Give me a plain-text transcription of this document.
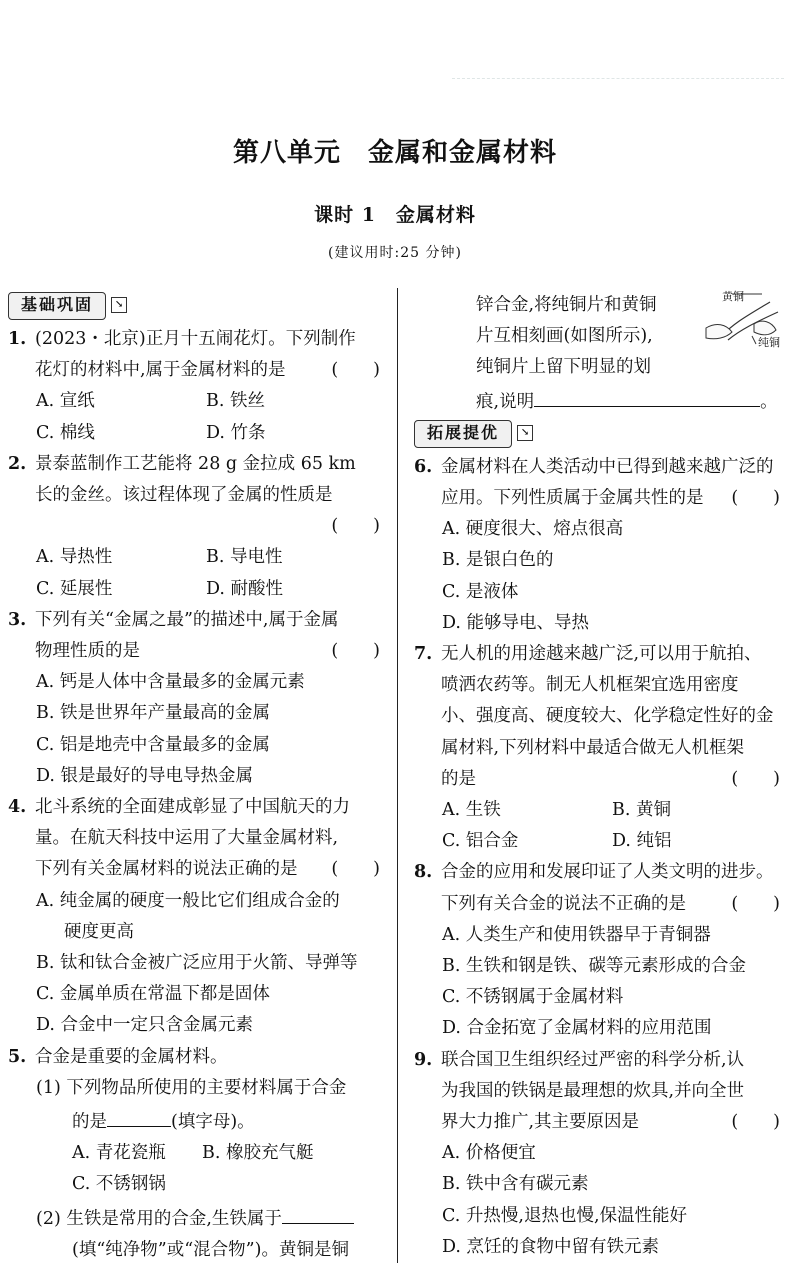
第八单元　金属和金属材料
课时 1　金属材料
(建议用时:25 分钟)
基础巩固	↘
1. (2023・北京)正月十五闹花灯。下列制作
花灯的材料中,属于金属材料的是	(　　)
A. 宣纸	B. 铁丝
C. 棉线	D. 竹条
2. 景泰蓝制作工艺能将 28 g 金拉成 65 km
长的金丝。该过程体现了金属的性质是
(　　)
A. 导热性	B. 导电性
C. 延展性	D. 耐酸性
3. 下列有关“金属之最”的描述中,属于金属
物理性质的是	(　　)
A. 钙是人体中含量最多的金属元素
B. 铁是世界年产量最高的金属
C. 铝是地壳中含量最多的金属
D. 银是最好的导电导热金属
4. 北斗系统的全面建成彰显了中国航天的力
量。在航天科技中运用了大量金属材料,
下列有关金属材料的说法正确的是 (　　)
A. 纯金属的硬度一般比它们组成合金的
硬度更高
B. 钛和钛合金被广泛应用于火箭、导弹等
C. 金属单质在常温下都是固体
D. 合金中一定只含金属元素
5. 合金是重要的金属材料。
(1) 下列物品所使用的主要材料属于合金
的是	(填字母)。
A. 青花瓷瓶	B. 橡胶充气艇
C. 不锈钢锅
(2) 生铁是常用的合金,生铁属于
(填“纯净物”或“混合物”)。黄铜是铜
锌合金,将纯铜片和黄铜
片互相刻画(如图所示),
纯铜片上留下明显的划
痕,说明	。
拓展提优	↘
6. 金属材料在人类活动中已得到越来越广泛的
应用。下列性质属于金属共性的是 (　　)
A. 硬度很大、熔点很高
B. 是银白色的
C. 是液体
D. 能够导电、导热
7. 无人机的用途越来越广泛,可以用于航拍、
喷洒农药等。制无人机框架宜选用密度
小、强度高、硬度较大、化学稳定性好的金
属材料,下列材料中最适合做无人机框架
的是	(　　)
A. 生铁	B. 黄铜
C. 铝合金	D. 纯铝
8. 合金的应用和发展印证了人类文明的进步。
下列有关合金的说法不正确的是	(　　)
A. 人类生产和使用铁器早于青铜器
B. 生铁和钢是铁、碳等元素形成的合金
C. 不锈钢属于金属材料
D. 合金拓宽了金属材料的应用范围
9. 联合国卫生组织经过严密的科学分析,认
为我国的铁锅是最理想的炊具,并向全世
界大力推广,其主要原因是	(　　)
A. 价格便宜
B. 铁中含有碳元素
C. 升热慢,退热也慢,保温性能好
D. 烹饪的食物中留有铁元素
黄铜
纯铜
